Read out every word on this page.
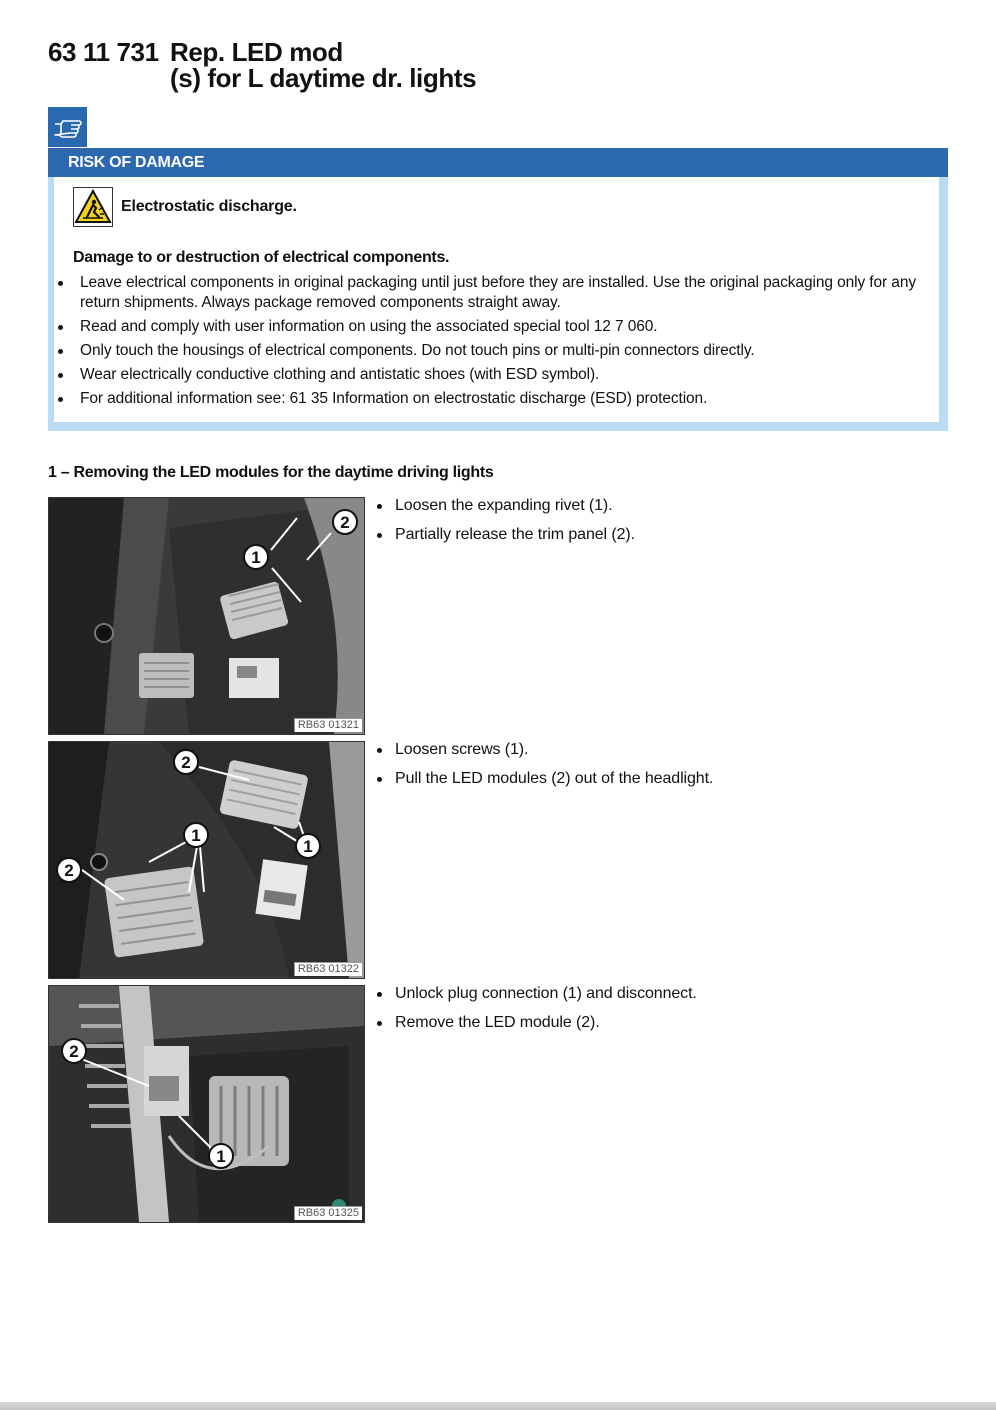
63 11 731 Rep. LED mod
(s) for L daytime dr. lights
RISK OF DAMAGE
Electrostatic discharge.
Damage to or destruction of electrical components.
Leave electrical components in original packaging until just before they are installed. Use the original packaging only for any return shipments. Always package removed components straight away.
Read and comply with user information on using the associated special tool 12 7 060.
Only touch the housings of electrical components. Do not touch pins or multi-pin connectors directly.
Wear electrically conductive clothing and antistatic shoes (with ESD symbol).
For additional information see: 61 35 Information on electrostatic discharge (ESD) protection.
1 – Removing the LED modules for the daytime driving lights
1
2
RB63 01321
Loosen the expanding rivet (1).
Partially release the trim panel (2).
1
1
2
2
RB63 01322
Loosen screws (1).
Pull the LED modules (2) out of the headlight.
1
2
RB63 01325
Unlock plug connection (1) and disconnect.
Remove the LED module (2).
